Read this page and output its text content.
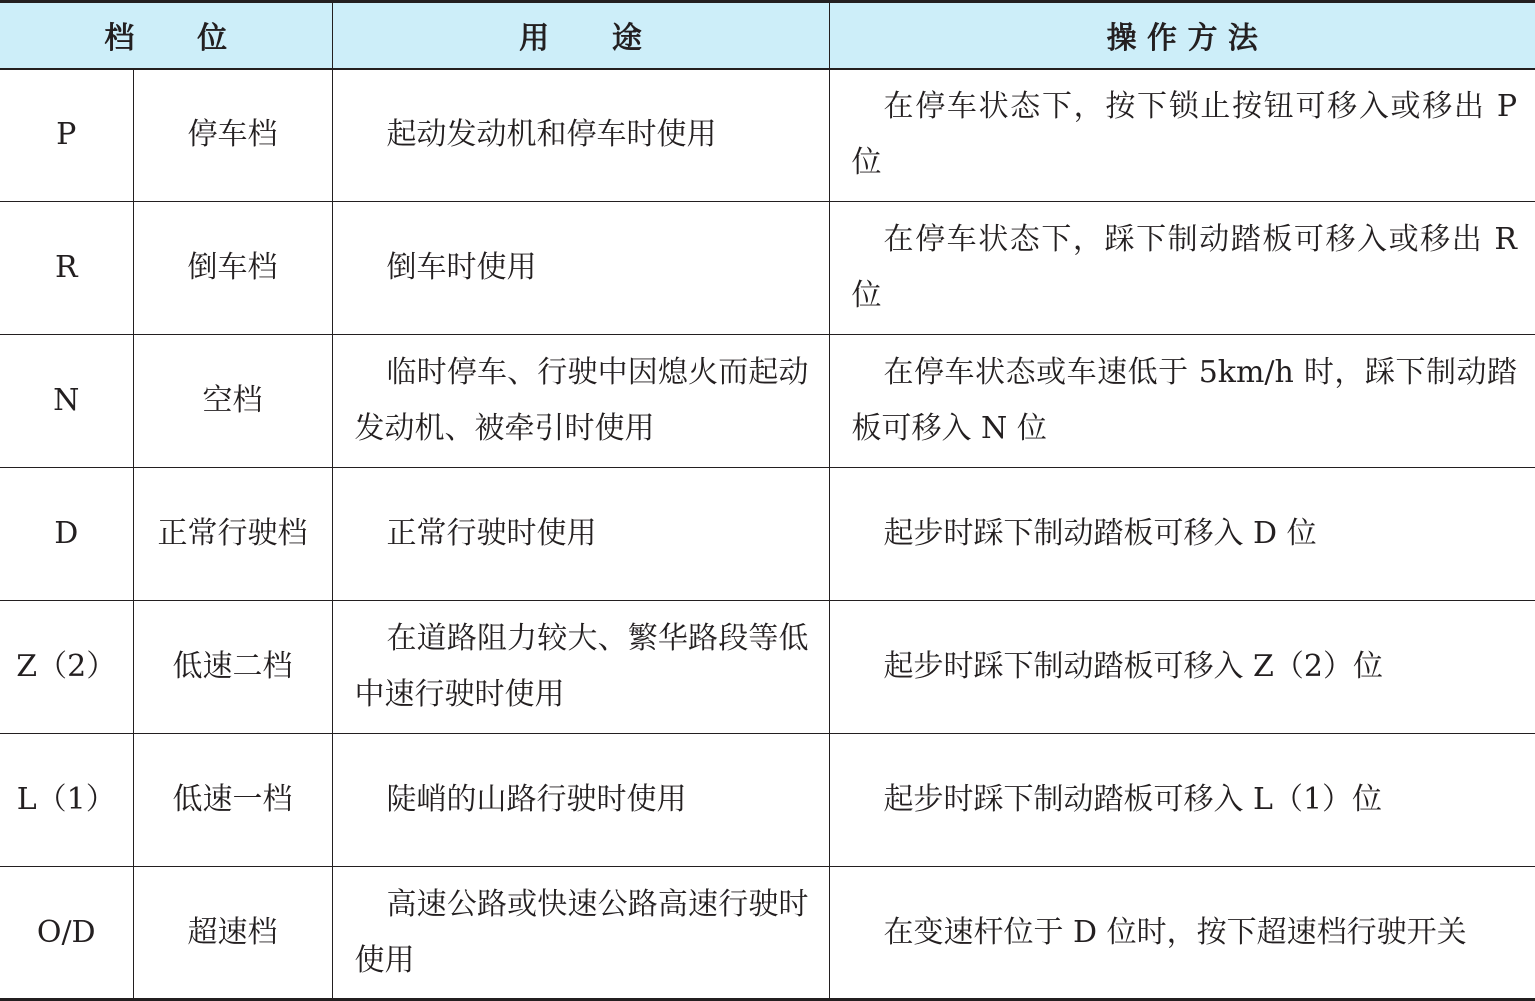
档      位		用      途	操 作 方 法
P	停车档	起动发动机和停车时使用	在停车状态下，按下锁止按钮可移入或移出 P 位

R	倒车档	倒车时使用	在停车状态下，踩下制动踏板可移入或移出 R 位

N	空档	临时停车、行驶中因熄火而起动发动机、被牵引时使用	在停车状态或车速低于 5km/h 时，踩下制动踏板可移入 N 位

D	正常行驶档	正常行驶时使用	起步时踩下制动踏板可移入 D 位

Z（2）	低速二档	在道路阻力较大、繁华路段等低中速行驶时使用	起步时踩下制动踏板可移入 Z（2）位

L（1）	低速一档	陡峭的山路行驶时使用	起步时踩下制动踏板可移入 L（1）位

O/D	超速档	高速公路或快速公路高速行驶时使用	在变速杆位于 D 位时，按下超速档行驶开关
